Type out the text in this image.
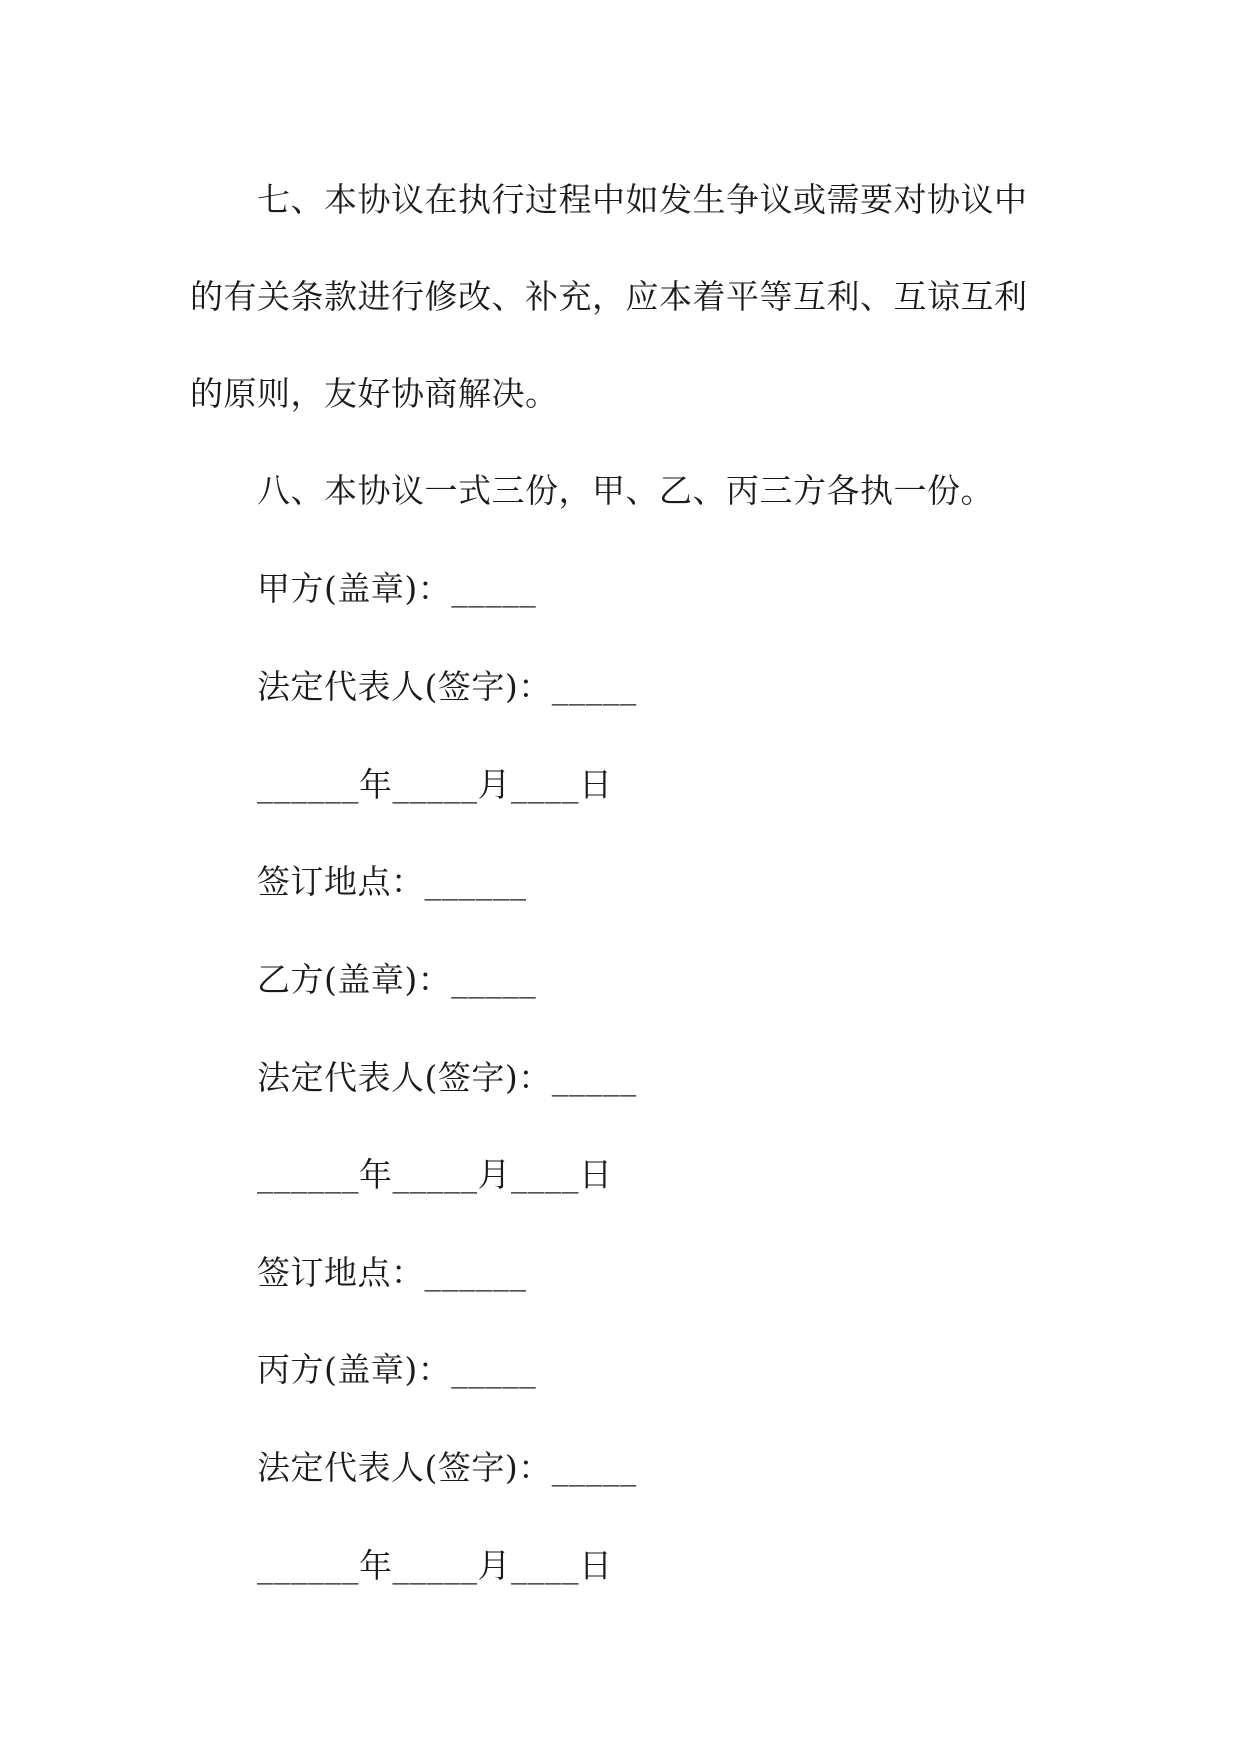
七、本协议在执行过程中如发生争议或需要对协议中
的有关条款进行修改、补充，应本着平等互利、互谅互利
的原则，友好协商解决。
八、本协议一式三份，甲、乙、丙三方各执一份。
甲方(盖章)：_____
法定代表人(签字)：_____
______年_____月____日
签订地点：______
乙方(盖章)：_____
法定代表人(签字)：_____
______年_____月____日
签订地点：______
丙方(盖章)：_____
法定代表人(签字)：_____
______年_____月____日
